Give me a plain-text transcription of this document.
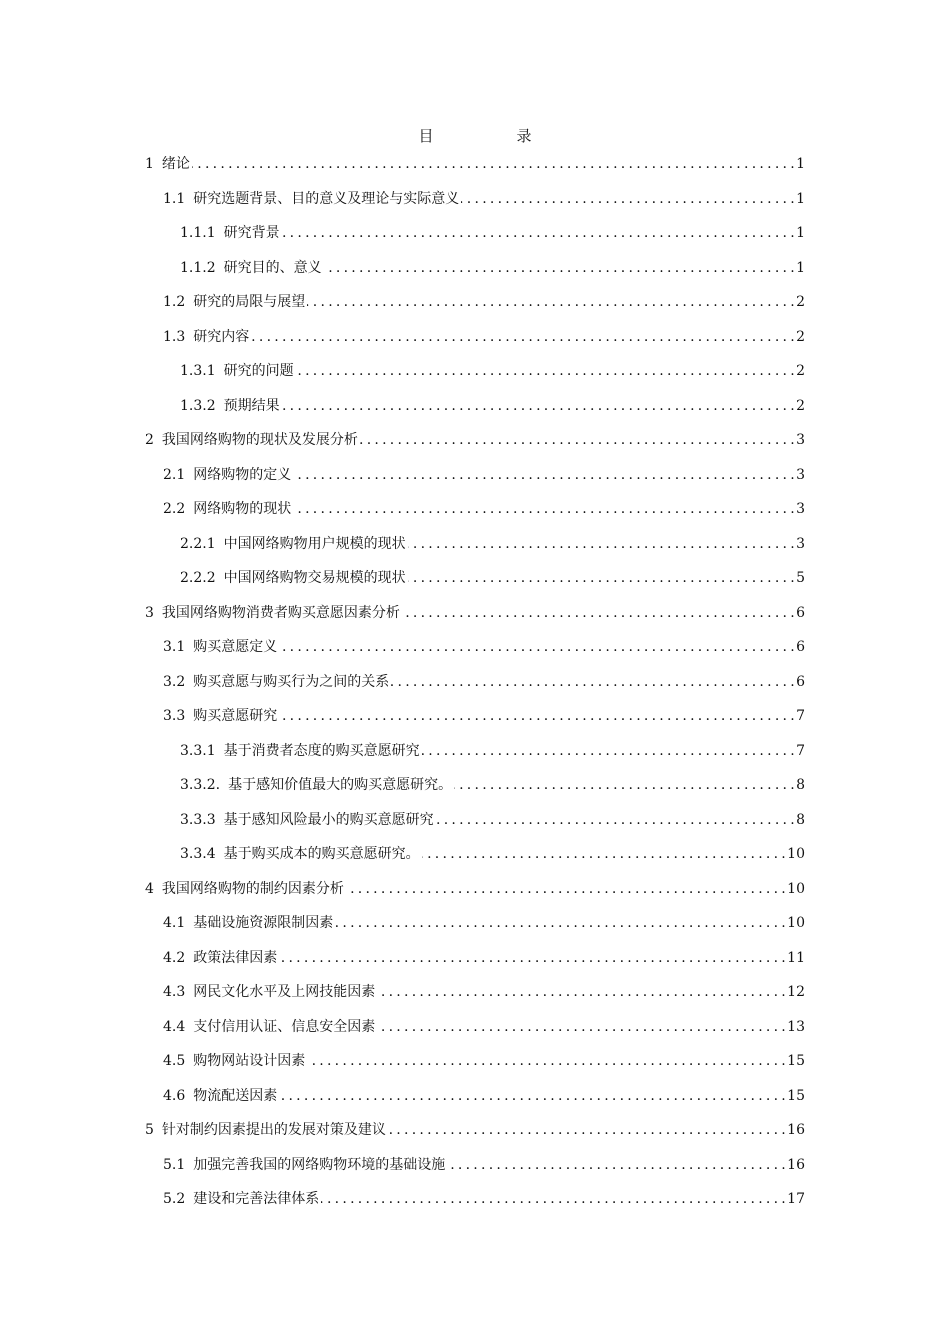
目　录
1 绪论 . . .	1
1.1 研究选题背景、目的意义及理论与实际意义 . . .	1
1.1.1 研究背景 . . .	1
1.1.2 研究目的、意义 . . .	1
1.2 研究的局限与展望 . . .	2
1.3 研究内容 . . .	2
1.3.1 研究的问题 . . .	2
1.3.2 预期结果 . . .	2
2 我国网络购物的现状及发展分析 . . .	3
2.1 网络购物的定义 . . .	3
2.2 网络购物的现状 . . .	3
2.2.1 中国网络购物用户规模的现状 . . .	3
2.2.2 中国网络购物交易规模的现状 . . .	5
3 我国网络购物消费者购买意愿因素分析 . . .	6
3.1 购买意愿定义 . . .	6
3.2 购买意愿与购买行为之间的关系 . . .	6
3.3 购买意愿研究 . . .	7
3.3.1 基于消费者态度的购买意愿研究 . . .	7
3.3.2. 基于感知价值最大的购买意愿研究。 . . .	8
3.3.3 基于感知风险最小的购买意愿研究 . . .	8
3.3.4 基于购买成本的购买意愿研究。 . . .	10
4 我国网络购物的制约因素分析 . . .	10
4.1 基础设施资源限制因素 . . .	10
4.2 政策法律因素 . . .	11
4.3 网民文化水平及上网技能因素 . . .	12
4.4 支付信用认证、信息安全因素 . . .	13
4.5 购物网站设计因素 . . .	15
4.6 物流配送因素 . . .	15
5 针对制约因素提出的发展对策及建议 . . .	16
5.1 加强完善我国的网络购物环境的基础设施 . . .	16
5.2 建设和完善法律体系 . . .	17
